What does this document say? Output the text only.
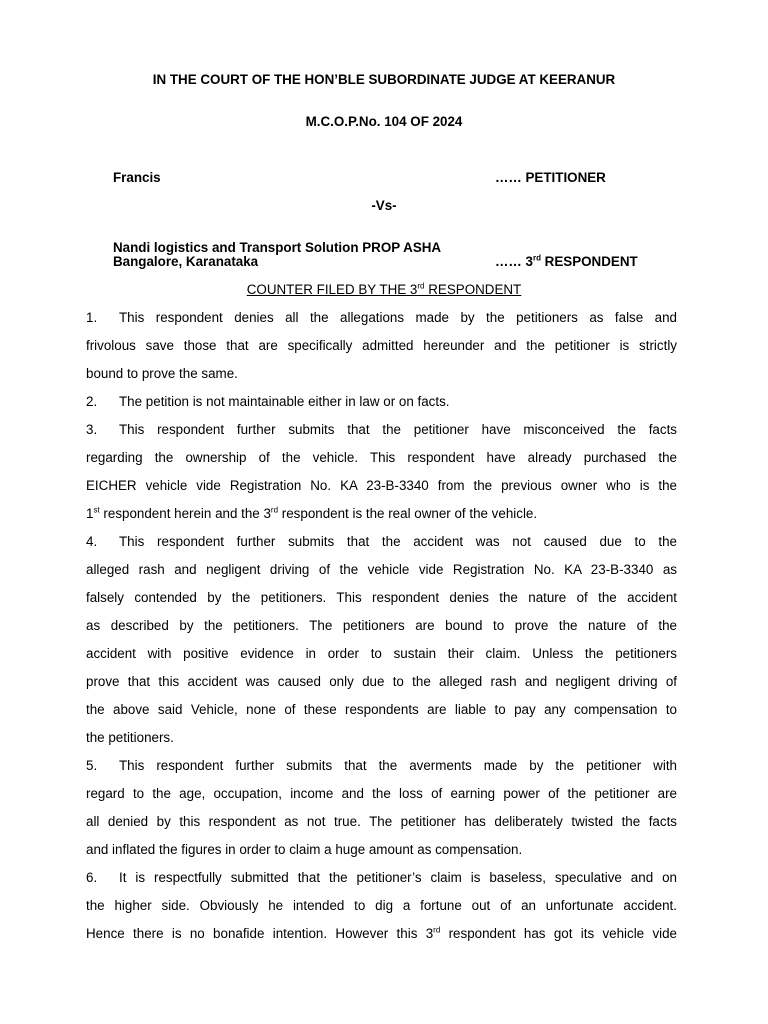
IN THE COURT OF THE HON’BLE SUBORDINATE JUDGE AT KEERANUR
M.C.O.P.No. 104 OF 2024
Francis	…… PETITIONER
-Vs-
Nandi logistics and Transport Solution PROP ASHA
Bangalore, Karanataka	…… 3rd RESPONDENT
COUNTER FILED BY THE 3rd RESPONDENT
1. This respondent denies all the allegations made by the petitioners as false and
frivolous save those that are specifically admitted hereunder and the petitioner is strictly
bound to prove the same.
2. The petition is not maintainable either in law or on facts.
3. This respondent further submits that the petitioner have misconceived the facts
regarding the ownership of the vehicle. This respondent have already purchased the
EICHER vehicle vide Registration No. KA 23-B-3340 from the previous owner who is the
1st respondent herein and the 3rd respondent is the real owner of the vehicle.
4. This respondent further submits that the accident was not caused due to the
alleged rash and negligent driving of the vehicle vide Registration No. KA 23-B-3340 as
falsely contended by the petitioners. This respondent denies the nature of the accident
as described by the petitioners. The petitioners are bound to prove the nature of the
accident with positive evidence in order to sustain their claim. Unless the petitioners
prove that this accident was caused only due to the alleged rash and negligent driving of
the above said Vehicle, none of these respondents are liable to pay any compensation to
the petitioners.
5. This respondent further submits that the averments made by the petitioner with
regard to the age, occupation, income and the loss of earning power of the petitioner are
all denied by this respondent as not true. The petitioner has deliberately twisted the facts
and inflated the figures in order to claim a huge amount as compensation.
6. It is respectfully submitted that the petitioner’s claim is baseless, speculative and on
the higher side. Obviously he intended to dig a fortune out of an unfortunate accident.
Hence there is no bonafide intention. However this 3rd respondent has got its vehicle vide
